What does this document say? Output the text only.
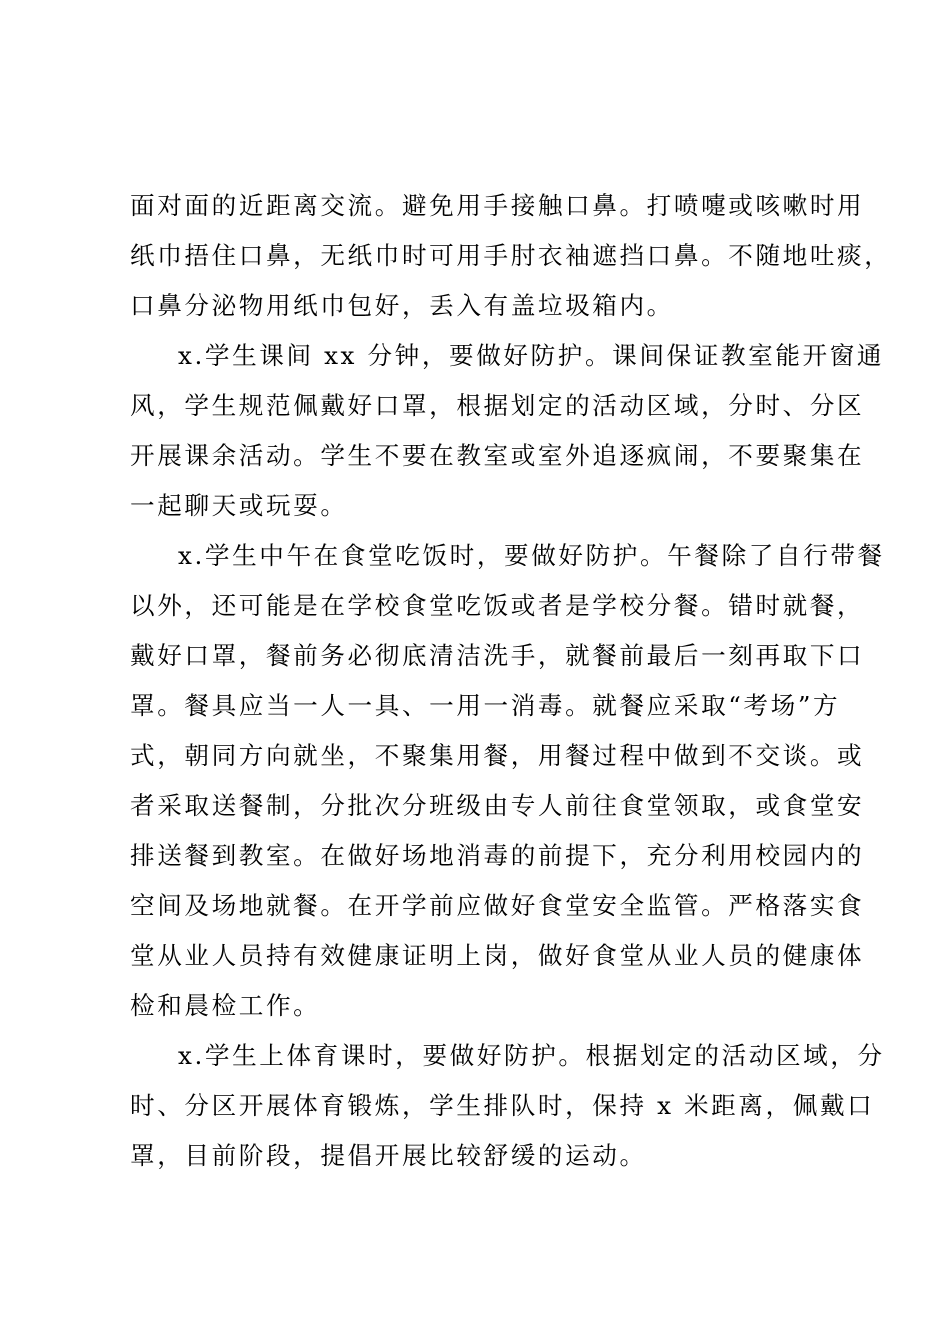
面对面的近距离交流。避免用手接触口鼻。打喷嚏或咳嗽时用
纸巾捂住口鼻，无纸巾时可用手肘衣袖遮挡口鼻。不随地吐痰，
口鼻分泌物用纸巾包好，丢入有盖垃圾箱内。
x.学生课间 xx 分钟，要做好防护。课间保证教室能开窗通
风，学生规范佩戴好口罩，根据划定的活动区域，分时、分区
开展课余活动。学生不要在教室或室外追逐疯闹，不要聚集在
一起聊天或玩耍。
x.学生中午在食堂吃饭时，要做好防护。午餐除了自行带餐
以外，还可能是在学校食堂吃饭或者是学校分餐。错时就餐，
戴好口罩，餐前务必彻底清洁洗手，就餐前最后一刻再取下口
罩。餐具应当一人一具、一用一消毒。就餐应采取“考场”方
式，朝同方向就坐，不聚集用餐，用餐过程中做到不交谈。或
者采取送餐制，分批次分班级由专人前往食堂领取，或食堂安
排送餐到教室。在做好场地消毒的前提下，充分利用校园内的
空间及场地就餐。在开学前应做好食堂安全监管。严格落实食
堂从业人员持有效健康证明上岗，做好食堂从业人员的健康体
检和晨检工作。
x.学生上体育课时，要做好防护。根据划定的活动区域，分
时、分区开展体育锻炼，学生排队时，保持 x 米距离，佩戴口
罩，目前阶段，提倡开展比较舒缓的运动。
